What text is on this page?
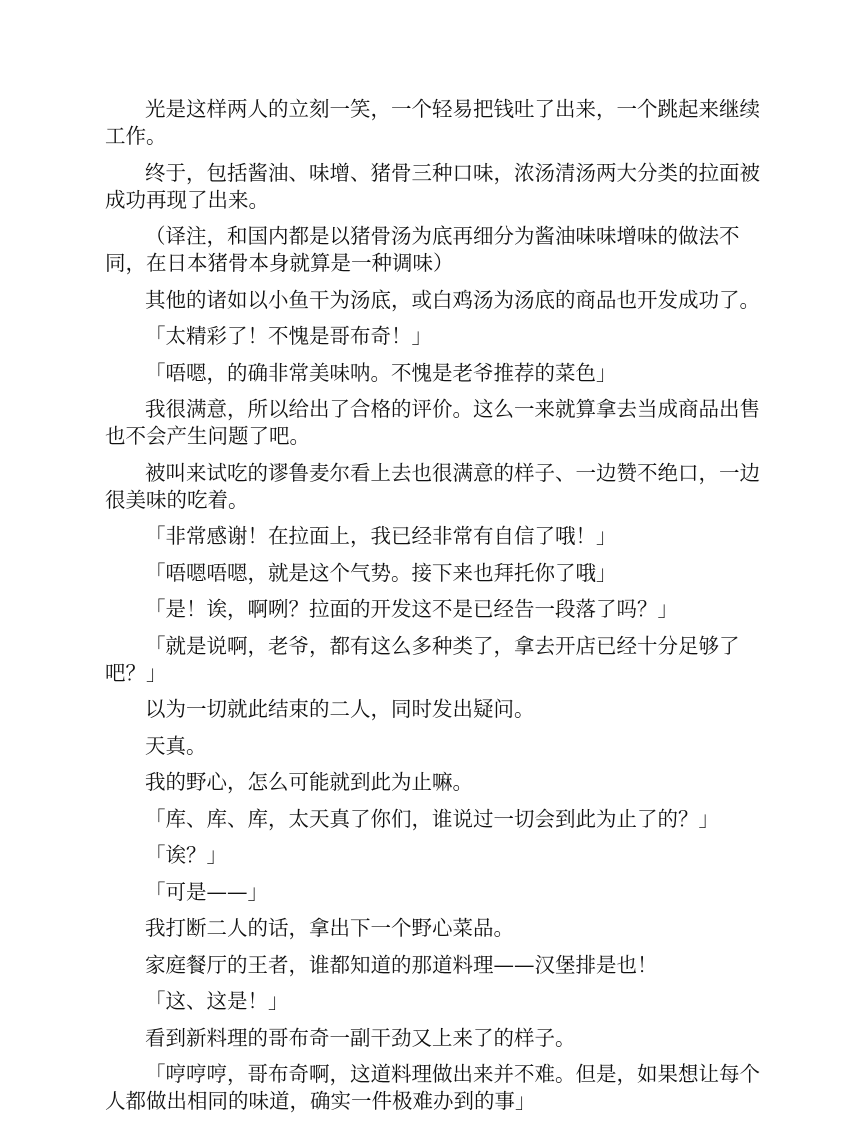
光是这样两人的立刻一笑，一个轻易把钱吐了出来，一个跳起来继续工作。

终于，包括酱油、味增、猪骨三种口味，浓汤清汤两大分类的拉面被成功再现了出来。

（译注，和国内都是以猪骨汤为底再细分为酱油味味增味的做法不同，在日本猪骨本身就算是一种调味）

其他的诸如以小鱼干为汤底，或白鸡汤为汤底的商品也开发成功了。

「太精彩了！不愧是哥布奇！」

「唔嗯，的确非常美味呐。不愧是老爷推荐的菜色」

我很满意，所以给出了合格的评价。这么一来就算拿去当成商品出售也不会产生问题了吧。

被叫来试吃的谬鲁麦尔看上去也很满意的样子、一边赞不绝口，一边很美味的吃着。

「非常感谢！在拉面上，我已经非常有自信了哦！」

「唔嗯唔嗯，就是这个气势。接下来也拜托你了哦」

「是！诶，啊咧？拉面的开发这不是已经告一段落了吗？」

「就是说啊，老爷，都有这么多种类了，拿去开店已经十分足够了吧？」

以为一切就此结束的二人，同时发出疑问。

天真。

我的野心，怎么可能就到此为止嘛。

「库、库、库，太天真了你们，谁说过一切会到此为止了的？」

「诶？」

「可是——」

我打断二人的话，拿出下一个野心菜品。

家庭餐厅的王者，谁都知道的那道料理——汉堡排是也！

「这、这是！」

看到新料理的哥布奇一副干劲又上来了的样子。

「哼哼哼，哥布奇啊，这道料理做出来并不难。但是，如果想让每个人都做出相同的味道，确实一件极难办到的事」
